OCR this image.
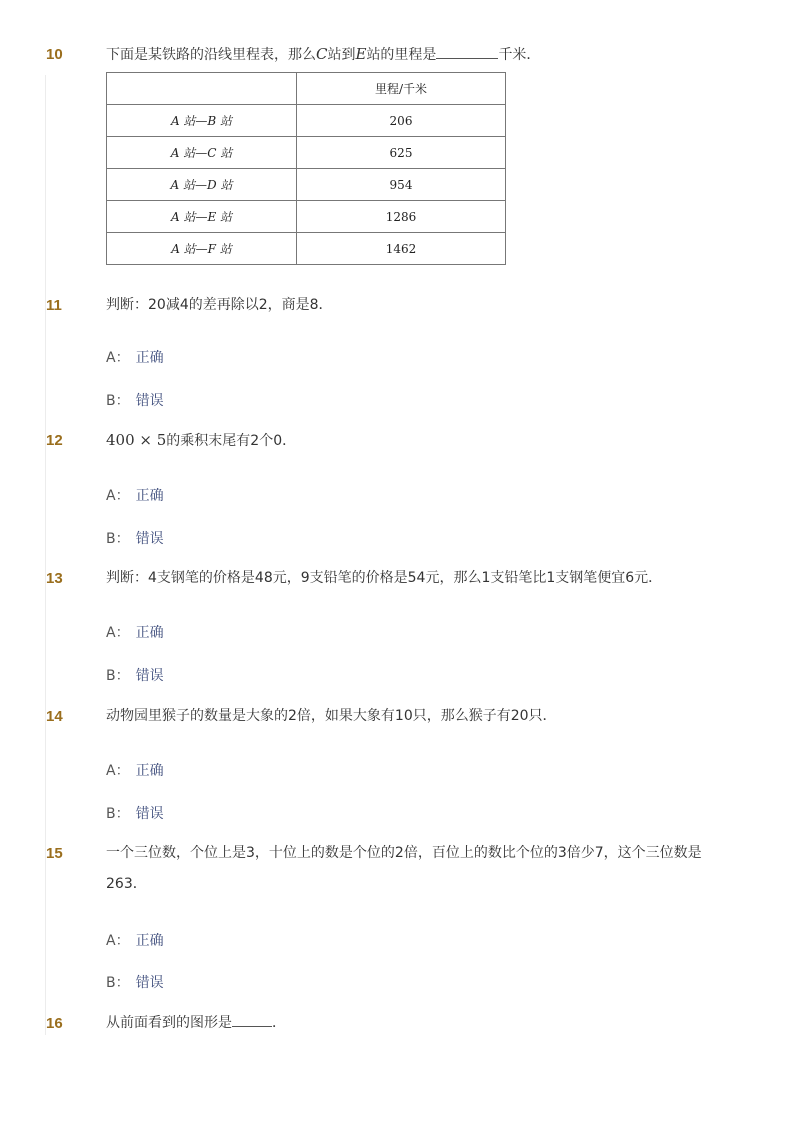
10	下面是某铁路的沿线里程表，那么C站到E站的里程是	千米．
	里程/千米
A 站—B 站	206
A 站—C 站	625
A 站—D 站	954
A 站—E 站	1286
A 站—F 站	1462
11	判断：20减4的差再除以2，商是8．
A： 正确
B： 错误
12	400 × 5的乘积末尾有2个0．
A： 正确
B： 错误
13	判断：4支钢笔的价格是48元，9支铅笔的价格是54元，那么1支铅笔比1支钢笔便宜6元．
A： 正确
B： 错误
14	动物园里猴子的数量是大象的2倍，如果大象有10只，那么猴子有20只．
A： 正确
B： 错误
15	一个三位数，个位上是3，十位上的数是个位的2倍，百位上的数比个位的3倍少7，这个三位数是
263．
A： 正确
B： 错误
16	从前面看到的图形是	．
